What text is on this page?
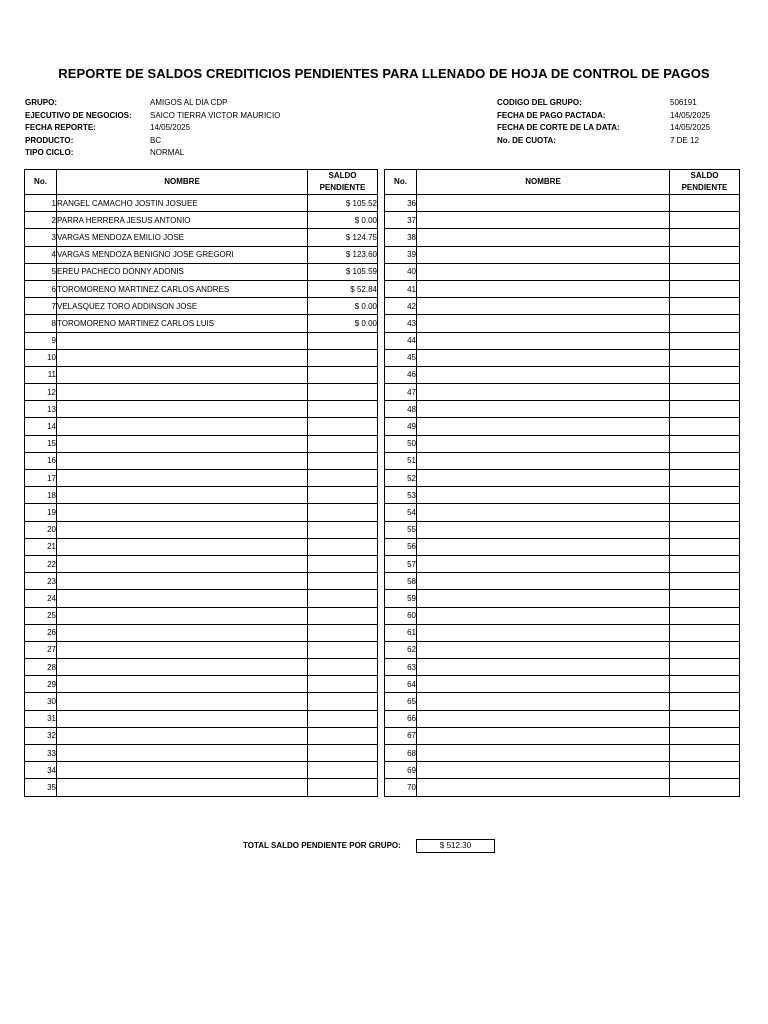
REPORTE DE SALDOS CREDITICIOS PENDIENTES PARA LLENADO DE HOJA DE CONTROL DE PAGOS
GRUPO:	AMIGOS AL DIA CDP
EJECUTIVO DE NEGOCIOS: SAICO TIERRA VICTOR MAURICIO
FECHA REPORTE:	14/05/2025
PRODUCTO:	BC
TIPO CICLO:	NORMAL
CODIGO DEL GRUPO:	506191
FECHA DE PAGO PACTADA:	14/05/2025
FECHA DE CORTE DE LA DATA:	14/05/2025
No. DE CUOTA:	7 DE 12
No.	NOMBRE	SALDO
PENDIENTE
1	RANGEL CAMACHO JOSTIN JOSUEE	$ 105.52
2	PARRA HERRERA JESUS ANTONIO	$ 0.00
3	VARGAS MENDOZA EMILIO JOSE	$ 124.75
4	VARGAS MENDOZA BENIGNO JOSE GREGORI	$ 123.60
5	EREU PACHECO DONNY ADONIS	$ 105.59
6	TOROMORENO MARTINEZ CARLOS ANDRES	$ 52.84
7	VELASQUEZ TORO ADDINSON JOSE	$ 0.00
8	TOROMORENO MARTINEZ CARLOS LUIS	$ 0.00
9		
10		
11		
12		
13		
14		
15		
16		
17		
18		
19		
20		
21		
22		
23		
24		
25		
26		
27		
28		
29		
30		
31		
32		
33		
34		
35		
No.	NOMBRE	SALDO
PENDIENTE
36		
37		
38		
39		
40		
41		
42		
43		
44		
45		
46		
47		
48		
49		
50		
51		
52		
53		
54		
55		
56		
57		
58		
59		
60		
61		
62		
63		
64		
65		
66		
67		
68		
69		
70		
TOTAL SALDO PENDIENTE POR GRUPO:	$ 512.30
